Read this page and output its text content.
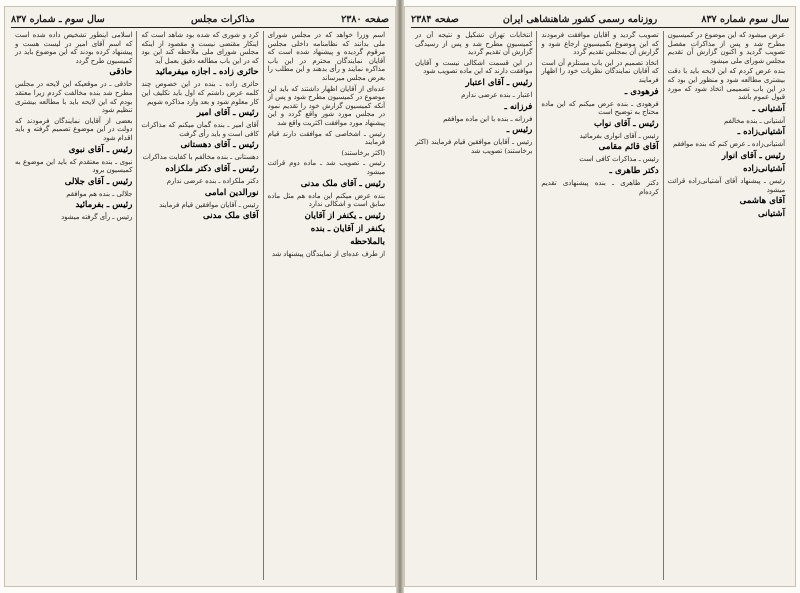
صفحه ۲۳۸۰
مذاکرات مجلس
سال سوم ـ شماره ۸۳۷

اسم وزرا خواهد که در مجلس شورای ملی بدانند که نظامنامه داخلی مجلس مرقوم گردیده و پیشنهاد شده است که آقایان نمایندگان محترم در این باب مذاکره نمایند و رأی بدهند و این مطلب را بعرض مجلس میرساند

عده‌ای از آقایان اظهار داشتند که باید این موضوع در کمیسیون مطرح شود و پس از آنکه کمیسیون گزارش خود را تقدیم نمود در مجلس مورد شور واقع گردد و این پیشنهاد مورد موافقت اکثریت واقع شد

رئیس ـ اشخاصی که موافقت دارند قیام فرمایند

(اکثر برخاستند)

رئیس ـ تصویب شد ـ ماده دوم قرائت میشود

رئیس ـ آقای ملک مدنی

بنده عرض میکنم این ماده هم مثل ماده سابق است و اشکالی ندارد

رئیس ـ یکنفر از آقایان

یکنفر از آقایان ـ بنده

بالملاحظه

از طرف عده‌ای از نمایندگان پیشنهاد شد

کرد و شوری که شده بود شاهد است که اینکار مقتضی نیست و مقصود از اینکه مجلس شورای ملی ملاحظه کند این بود که در این باب مطالعه دقیق بعمل آید

حائری زاده ـ اجازه میفرمائید

حائری زاده ـ بنده در این خصوص چند کلمه عرض داشتم که اول باید تکلیف این کار معلوم شود و بعد وارد مذاکره شویم

رئیس ـ آقای امیر

آقای امیر ـ بنده گمان میکنم که مذاکرات کافی است و باید رأی گرفت

رئیس ـ آقای دهستانی

دهستانی ـ بنده مخالفم با کفایت مذاکرات

رئیس ـ آقای دکتر ملکزاده

دکتر ملکزاده ـ بنده عرضی ندارم

نورالدین امامی

رئیس ـ آقایان موافقین قیام فرمایند

آقای ملک مدنی

اسلامی اینطور تشخیص داده شده است که اسم آقای امیر در لیست هست و پیشنهاد کرده بودند که این موضوع باید در کمیسیون طرح گردد

حاذقی

حاذقی ـ در موقعیکه این لایحه در مجلس مطرح شد بنده مخالفت کردم زیرا معتقد بودم که این لایحه باید با مطالعه بیشتری تنظیم شود

بعضی از آقایان نمایندگان فرمودند که دولت در این موضوع تصمیم گرفته و باید اقدام شود

رئیس ـ آقای نبوی

نبوی ـ بنده معتقدم که باید این موضوع به کمیسیون برود

رئیس ـ آقای جلالی

جلالی ـ بنده هم موافقم

رئیس ـ بفرمائید

رئیس ـ رأی گرفته میشود

سال سوم شماره ۸۳۷
روزنامه رسمی کشور شاهنشاهی ایران
صفحه ۲۳۸۴

عرض میشود که این موضوع در کمیسیون مطرح شد و پس از مذاکرات مفصل تصویب گردید و اکنون گزارش آن تقدیم مجلس شورای ملی میشود

بنده عرض کردم که این لایحه باید با دقت بیشتری مطالعه شود و منظور این بود که در این باب تصمیمی اتخاذ شود که مورد قبول عموم باشد

آشتیانی ـ

آشتیانی ـ بنده مخالفم

آشتیانی‌زاده ـ

آشتیانی‌زاده ـ عرض کنم که بنده موافقم

رئیس ـ آقای انوار

آشتیانی‌زاده

رئیس ـ پیشنهاد آقای آشتیانی‌زاده قرائت میشود

آقای هاشمی

آشتیانی

تصویب گردید و آقایان موافقت فرمودند که این موضوع بکمیسیون ارجاع شود و گزارش آن بمجلس تقدیم گردد

اتخاذ تصمیم در این باب مستلزم آن است که آقایان نمایندگان نظریات خود را اظهار فرمایند

فرهودی ـ

فرهودی ـ بنده عرض میکنم که این ماده محتاج به توضیح است

رئیس ـ آقای نواب

رئیس ـ آقای انواری بفرمائید

آقای قائم مقامی

رئیس ـ مذاکرات کافی است

دکتر طاهری ـ

دکتر طاهری ـ بنده پیشنهادی تقدیم کرده‌ام

انتخابات تهران تشکیل و نتیجه آن در کمیسیون مطرح شد و پس از رسیدگی گزارش آن تقدیم گردید

در این قسمت اشکالی نیست و آقایان موافقت دارند که این ماده تصویب شود

رئیس ـ آقای اعتبار

اعتبار ـ بنده عرضی ندارم

فرزانه ـ

فرزانه ـ بنده با این ماده موافقم

رئیس ـ

رئیس ـ آقایان موافقین قیام فرمایند (اکثر برخاستند) تصویب شد
